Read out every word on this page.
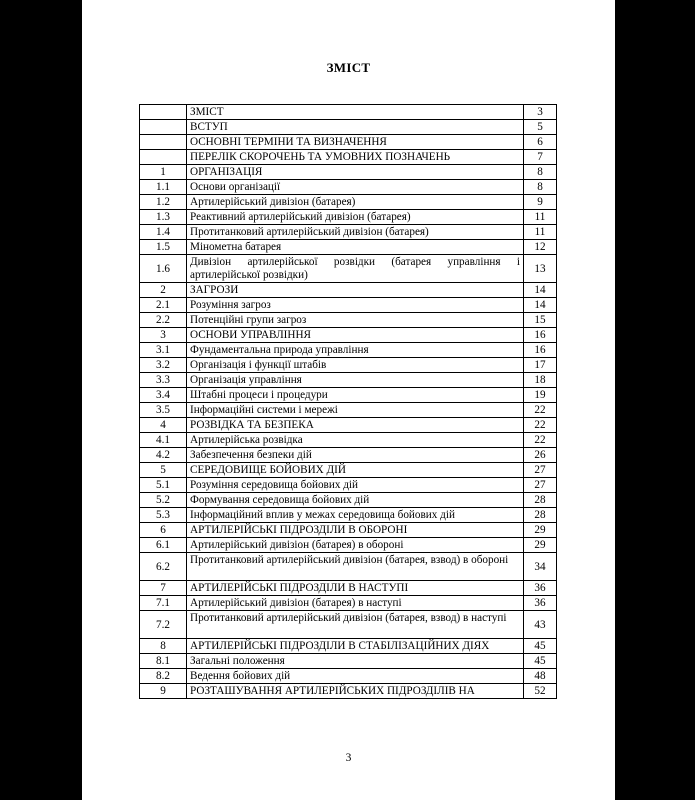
ЗМІСТ
	ЗМІСТ	3
	ВСТУП	5
	ОСНОВНІ ТЕРМІНИ ТА ВИЗНАЧЕННЯ	6
	ПЕРЕЛІК СКОРОЧЕНЬ ТА УМОВНИХ ПОЗНАЧЕНЬ	7
1	ОРГАНІЗАЦІЯ	8
1.1	Основи організації	8
1.2	Артилерійський дивізіон (батарея)	9
1.3	Реактивний артилерійський дивізіон (батарея)	11
1.4	Протитанковий артилерійський дивізіон (батарея)	11
1.5	Мінометна батарея	12
1.6	Дивізіон артилерійської розвідки (батарея управління і артилерійської розвідки)	13
2	ЗАГРОЗИ	14
2.1	Розуміння загроз	14
2.2	Потенційні групи загроз	15
3	ОСНОВИ УПРАВЛІННЯ	16
3.1	Фундаментальна природа управління	16
3.2	Організація і функції штабів	17
3.3	Організація управління	18
3.4	Штабні процеси і процедури	19
3.5	Інформаційні системи і мережі	22
4	РОЗВІДКА ТА БЕЗПЕКА	22
4.1	Артилерійська розвідка	22
4.2	Забезпечення безпеки дій	26
5	СЕРЕДОВИЩЕ БОЙОВИХ ДІЙ	27
5.1	Розуміння середовища бойових дій	27
5.2	Формування середовища бойових дій	28
5.3	Інформаційний вплив у межах середовища бойових дій	28
6	АРТИЛЕРІЙСЬКІ ПІДРОЗДІЛИ В ОБОРОНІ	29
6.1	Артилерійський дивізіон (батарея) в обороні	29
6.2	Протитанковий артилерійський дивізіон (батарея, взвод) в обороні	34
7	АРТИЛЕРІЙСЬКІ ПІДРОЗДІЛИ В НАСТУПІ	36
7.1	Артилерійський дивізіон (батарея) в наступі	36
7.2	Протитанковий артилерійський дивізіон (батарея, взвод) в наступі	43
8	АРТИЛЕРІЙСЬКІ ПІДРОЗДІЛИ В СТАБІЛІЗАЦІЙНИХ ДІЯХ	45
8.1	Загальні положення	45
8.2	Ведення бойових дій	48
9	РОЗТАШУВАННЯ АРТИЛЕРІЙСЬКИХ ПІДРОЗДІЛІВ НА	52
3
